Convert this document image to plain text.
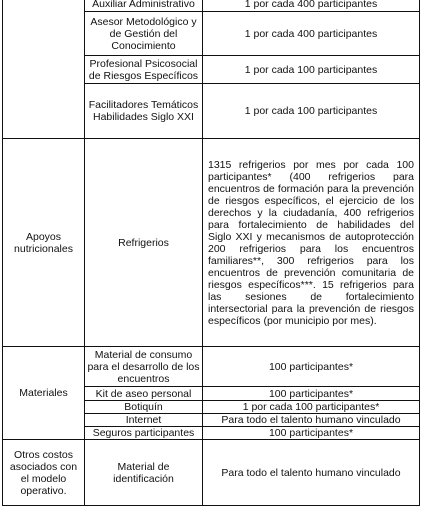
	Auxiliar Administrativo	1 por cada 400 participantes
	Asesor Metodológico y de Gestión del Conocimiento	1 por cada 400 participantes
	Profesional Psicosocial de Riesgos Específicos	1 por cada 100 participantes
	Facilitadores Temáticos Habilidades Siglo XXI	1 por cada 100 participantes
Apoyos nutricionales	Refrigerios	1315 refrigerios por mes por cada 100 participantes* (400 refrigerios para encuentros de formación para la prevención de riesgos específicos, el ejercicio de los derechos y la ciudadanía, 400 refrigerios para fortalecimiento de habilidades del Siglo XXI y mecanismos de autoprotección 200 refrigerios para los encuentros familiares**, 300 refrigerios para los encuentros de prevención comunitaria de riesgos específicos***. 15 refrigerios para las sesiones de fortalecimiento intersectorial para la prevención de riesgos específicos (por municipio por mes).
Materiales	Material de consumo para el desarrollo de los encuentros	100 participantes*
	Kit de aseo personal	100 participantes*
	Botiquín	1 por cada 100 participantes*
	Internet	Para todo el talento humano vinculado
	Seguros participantes	100 participantes*
Otros costos asociados con el modelo operativo.	Material de identificación	Para todo el talento humano vinculado
